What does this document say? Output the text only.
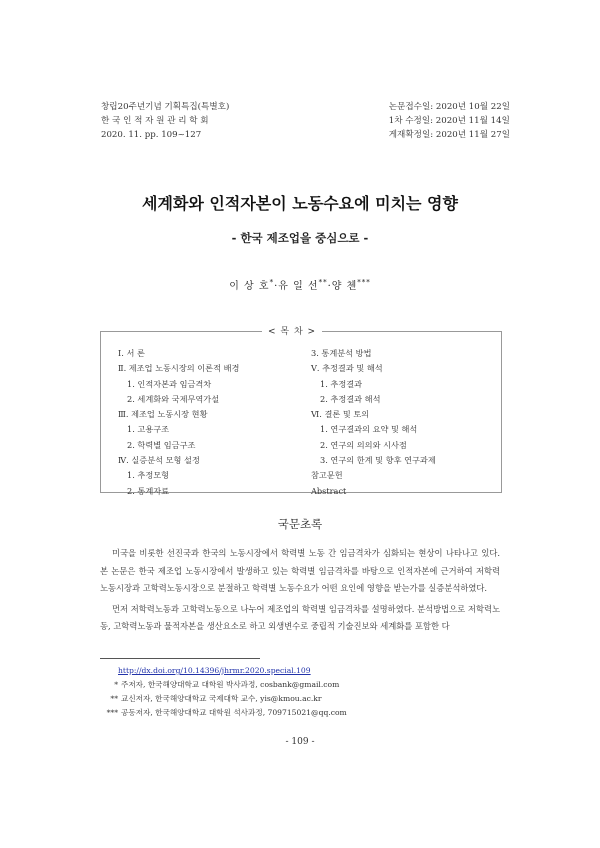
창립20주년기념 기획특집(특별호)
한 국 인 적 자 원 관 리 학 회
2020. 11. pp. 109~127
논문접수일: 2020년 10월 22일
1차 수정일: 2020년 11월 14일
게재확정일: 2020년 11월 27일
세계화와 인적자본이 노동수요에 미치는 영향
- 한국 제조업을 중심으로 -
이 상 호*·유 일 선**·양 첸***
< 목 차 >
Ⅰ. 서 론
Ⅱ. 제조업 노동시장의 이론적 배경
1. 인적자본과 임금격차
2. 세계화와 국제무역가설
Ⅲ. 제조업 노동시장 현황
1. 고용구조
2. 학력별 임금구조
Ⅳ. 실증분석 모형 설정
1. 추정모형
2. 통계자료
3. 통계분석 방법
Ⅴ. 추정결과 및 해석
1. 추정결과
2. 추정결과 해석
Ⅵ. 결론 및 토의
1. 연구결과의 요약 및 해석
2. 연구의 의의와 시사점
3. 연구의 한계 및 향후 연구과제
참고문헌
Abstract
국문초록

미국을 비롯한 선진국과 한국의 노동시장에서 학력별 노동 간 임금격차가 심화되는 현상이 나타나고 있다. 본 논문은 한국 제조업 노동시장에서 발생하고 있는 학력별 임금격차를 바탕으로 인적자본에 근거하여 저학력노동시장과 고학력노동시장으로 분절하고 학력별 노동수요가 어떤 요인에 영향을 받는가를 실증분석하였다.

먼저 저학력노동과 고학력노동으로 나누어 제조업의 학력별 임금격차를 설명하였다. 분석방법으로 저학력노동, 고학력노동과 물적자본을 생산요소로 하고 외생변수로 중립적 기술진보와 세계화를 포함한 다

http://dx.doi.org/10.14396/jhrmr.2020.special.109
* 주저자, 한국해양대학교 대학원 박사과정, cosbank@gmail.com
** 교신저자, 한국해양대학교 국제대학 교수, yis@kmou.ac.kr
*** 공동저자, 한국해양대학교 대학원 석사과정, 709715021@qq.com
- 109 -
